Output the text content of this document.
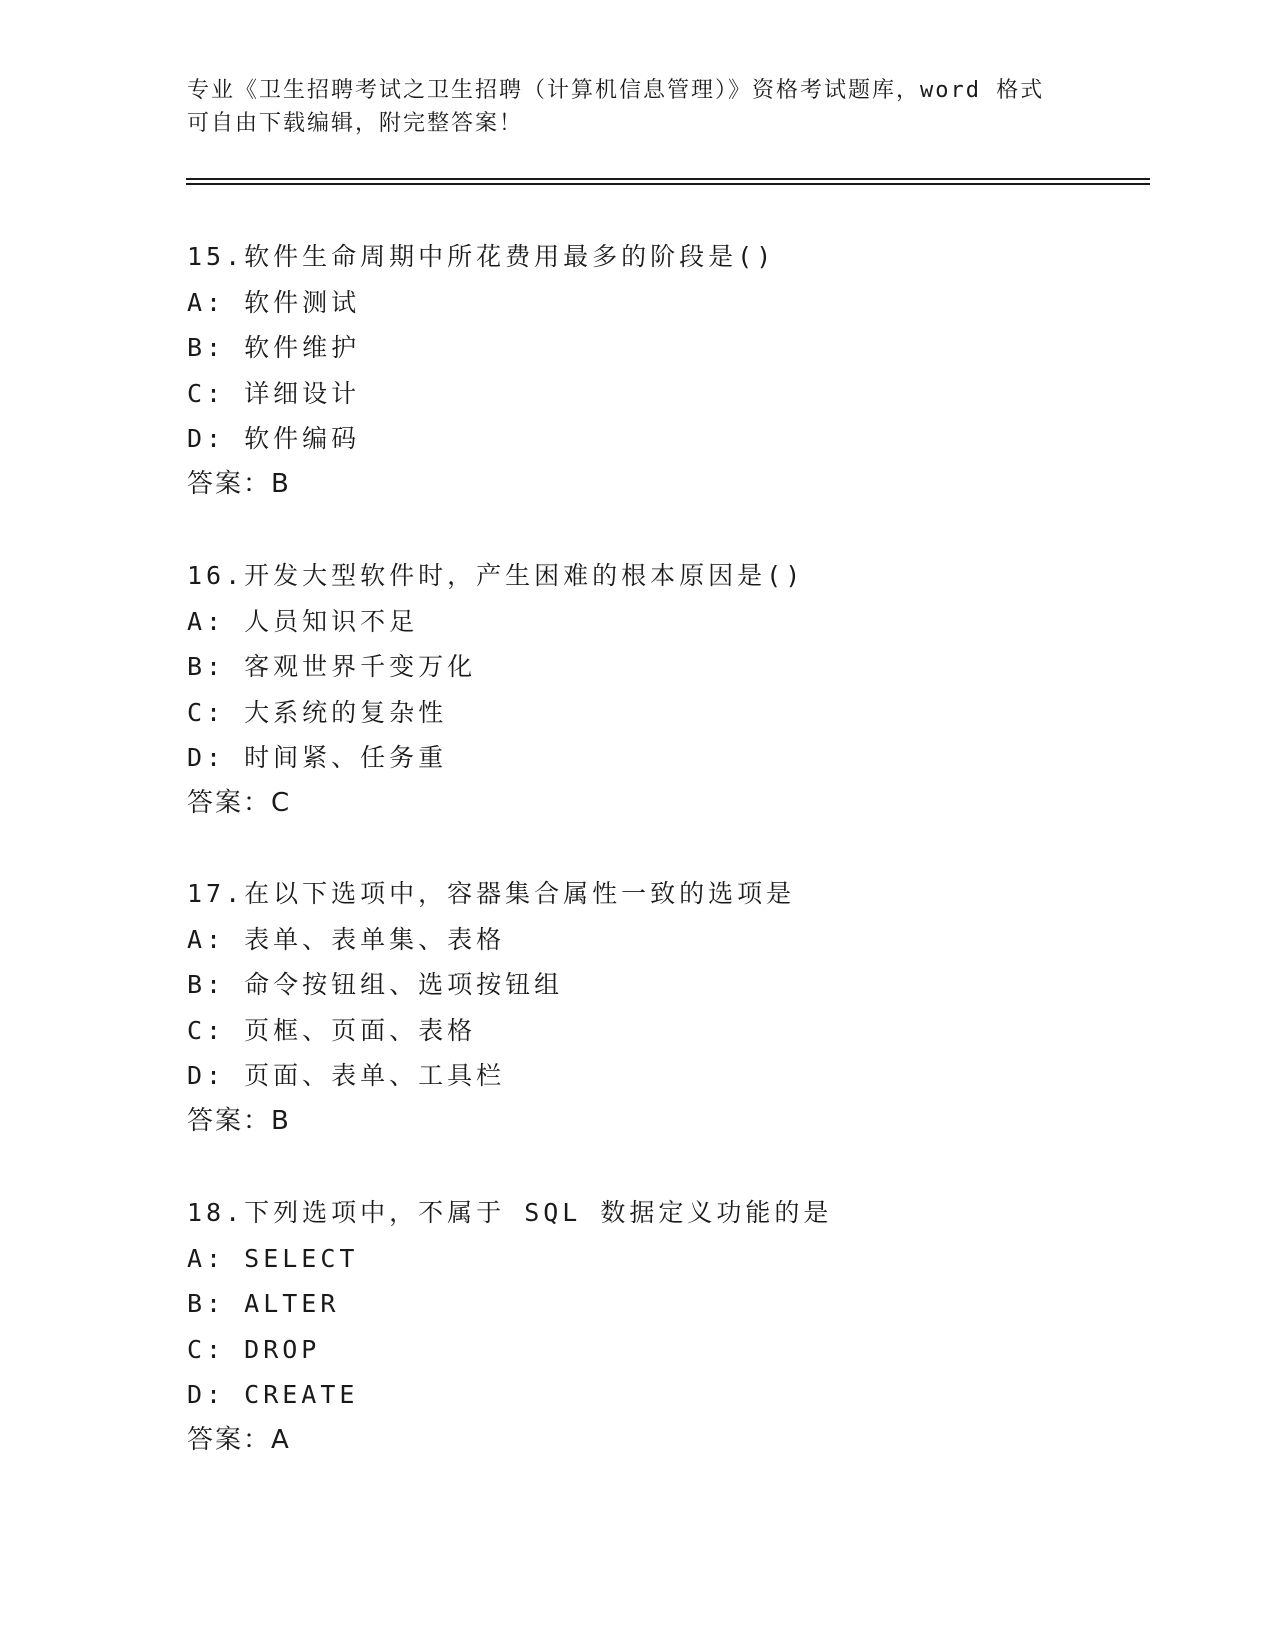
专业《卫生招聘考试之卫生招聘（计算机信息管理）》资格考试题库，word 格式
可自由下载编辑，附完整答案！
15.软件生命周期中所花费用最多的阶段是()
A: 软件测试
B: 软件维护
C: 详细设计
D: 软件编码
答案：B
16.开发大型软件时，产生困难的根本原因是()
A: 人员知识不足
B: 客观世界千变万化
C: 大系统的复杂性
D: 时间紧、任务重
答案：C
17.在以下选项中，容器集合属性一致的选项是
A: 表单、表单集、表格
B: 命令按钮组、选项按钮组
C: 页框、页面、表格
D: 页面、表单、工具栏
答案：B
18.下列选项中，不属于 SQL 数据定义功能的是
A: SELECT
B: ALTER
C: DROP
D: CREATE
答案：A
